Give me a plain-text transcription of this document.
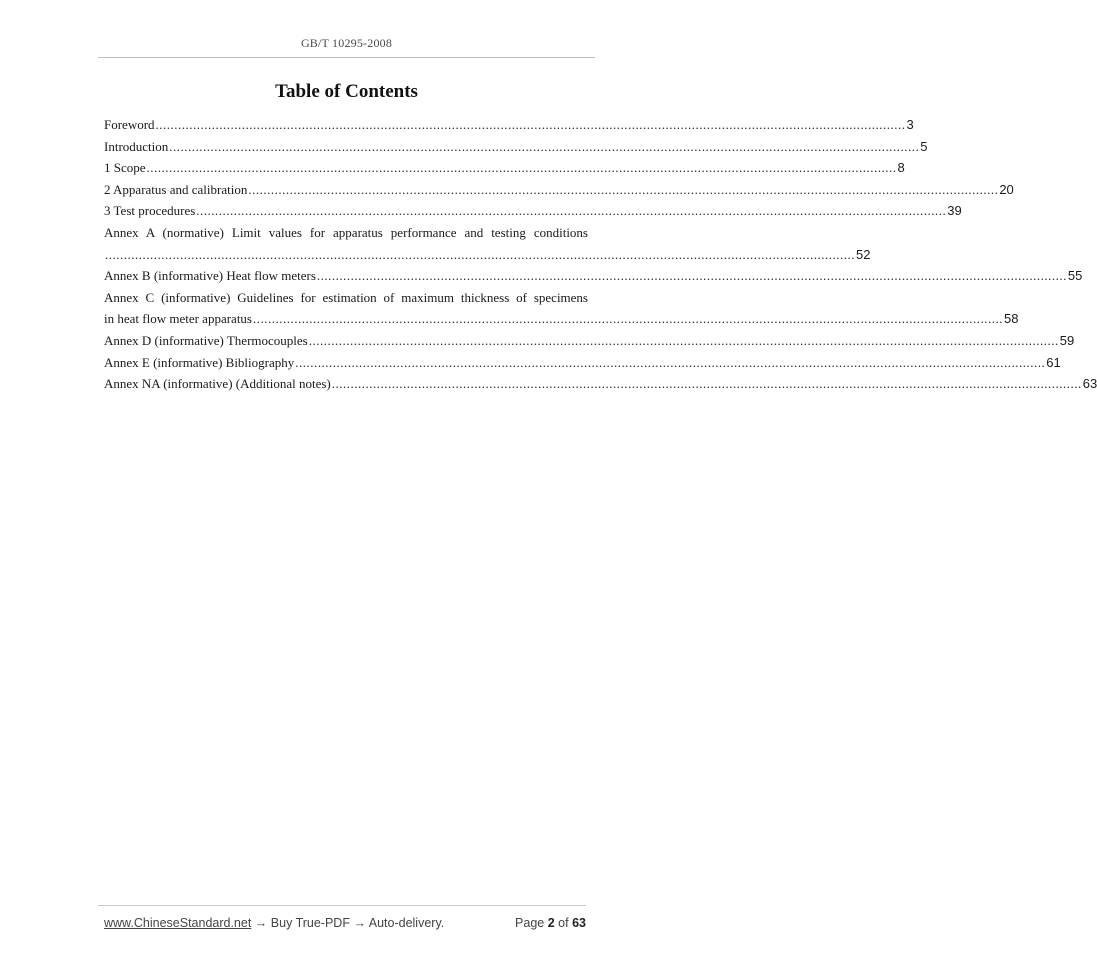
GB/T 10295-2008
Table of Contents
Foreword ........................................................................................................................................................................................................ 3
Introduction ........................................................................................................................................................................................................ 5
1 Scope ........................................................................................................................................................................................................ 8
2 Apparatus and calibration ........................................................................................................................................................................................................ 20
3 Test procedures ........................................................................................................................................................................................................ 39
Annex A (normative) Limit values for apparatus performance and testing conditions
........................................................................................................................................................................................................ 52
Annex B (informative) Heat flow meters ........................................................................................................................................................................................................ 55
Annex C (informative) Guidelines for estimation of maximum thickness of specimens
in heat flow meter apparatus ........................................................................................................................................................................................................ 58
Annex D (informative) Thermocouples ........................................................................................................................................................................................................ 59
Annex E (informative) Bibliography ........................................................................................................................................................................................................ 61
Annex NA (informative) (Additional notes) ........................................................................................................................................................................................................ 63
www.ChineseStandard.net → Buy True-PDF → Auto-delivery.	Page 2 of 63
